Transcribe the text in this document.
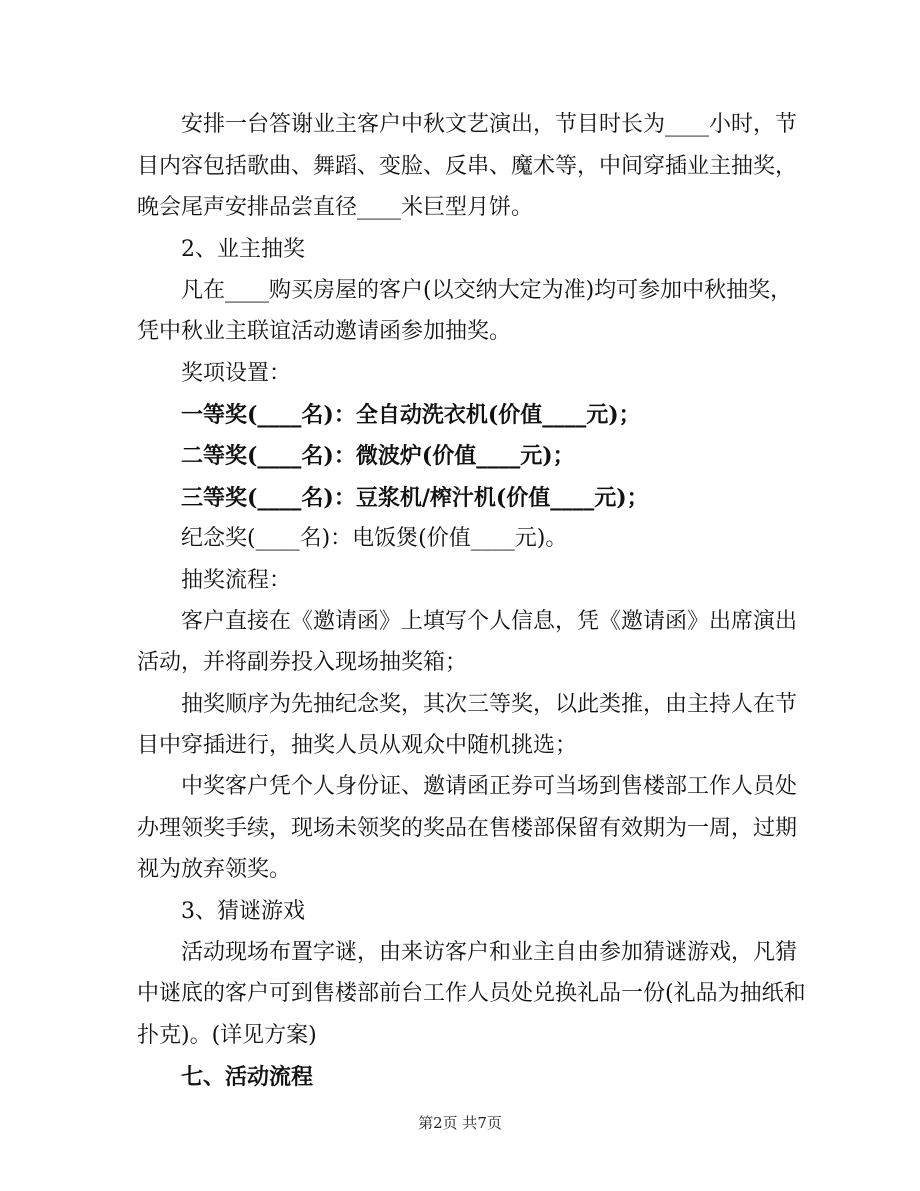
安排一台答谢业主客户中秋文艺演出，节目时长为____小时，节
目内容包括歌曲、舞蹈、变脸、反串、魔术等，中间穿插业主抽奖，
晚会尾声安排品尝直径____米巨型月饼。
2、业主抽奖
凡在____购买房屋的客户(以交纳大定为准)均可参加中秋抽奖，
凭中秋业主联谊活动邀请函参加抽奖。
奖项设置：
一等奖(____名)：全自动洗衣机(价值____元)；
二等奖(____名)：微波炉(价值____元)；
三等奖(____名)：豆浆机/榨汁机(价值____元)；
纪念奖(____名)：电饭煲(价值____元)。
抽奖流程：
客户直接在《邀请函》上填写个人信息，凭《邀请函》出席演出
活动，并将副券投入现场抽奖箱；
抽奖顺序为先抽纪念奖，其次三等奖，以此类推，由主持人在节
目中穿插进行，抽奖人员从观众中随机挑选；
中奖客户凭个人身份证、邀请函正券可当场到售楼部工作人员处
办理领奖手续，现场未领奖的奖品在售楼部保留有效期为一周，过期
视为放弃领奖。
3、猜谜游戏
活动现场布置字谜，由来访客户和业主自由参加猜谜游戏，凡猜
中谜底的客户可到售楼部前台工作人员处兑换礼品一份(礼品为抽纸和
扑克)。(详见方案)
七、活动流程
第2页 共7页
